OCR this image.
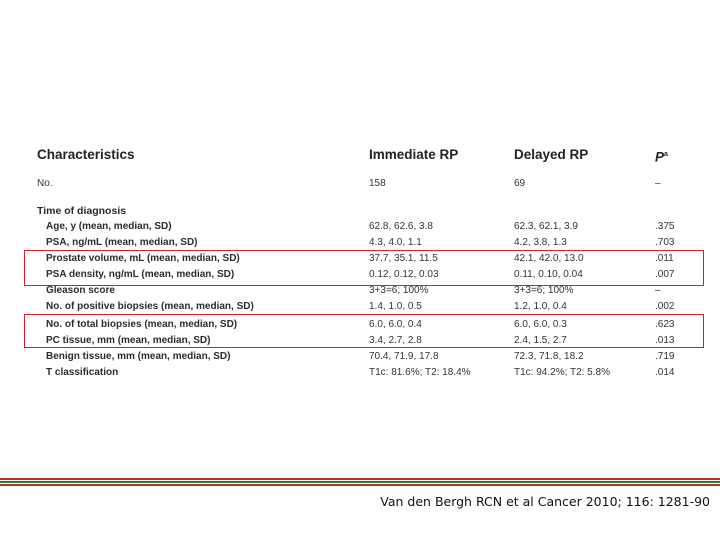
Characteristics	Immediate RP	Delayed RP	$P^a$
No.	158	69	–
Time of diagnosis
Age, y (mean, median, SD)	62.8, 62.6, 3.8	62.3, 62.1, 3.9	.375
PSA, ng/mL (mean, median, SD)	4.3, 4.0, 1.1	4.2, 3.8, 1.3	.703
Prostate volume, mL (mean, median, SD)	37.7, 35.1, 11.5	42.1, 42.0, 13.0	.011
PSA density, ng/mL (mean, median, SD)	0.12, 0.12, 0.03	0.11, 0.10, 0.04	.007
Gleason score	3+3=6; 100%	3+3=6; 100%	–
No. of positive biopsies (mean, median, SD)	1.4, 1.0, 0.5	1.2, 1.0, 0.4	.002
No. of total biopsies (mean, median, SD)	6.0, 6.0, 0.4	6.0, 6.0, 0.3	.623
PC tissue, mm (mean, median, SD)	3.4, 2.7, 2.8	2.4, 1.5, 2.7	.013
Benign tissue, mm (mean, median, SD)	70.4, 71.9, 17.8	72.3, 71.8, 18.2	.719
T classification	T1c: 81.6%; T2: 18.4%	T1c: 94.2%; T2: 5.8%	.014
Van den Bergh RCN et al Cancer 2010; 116: 1281-90
